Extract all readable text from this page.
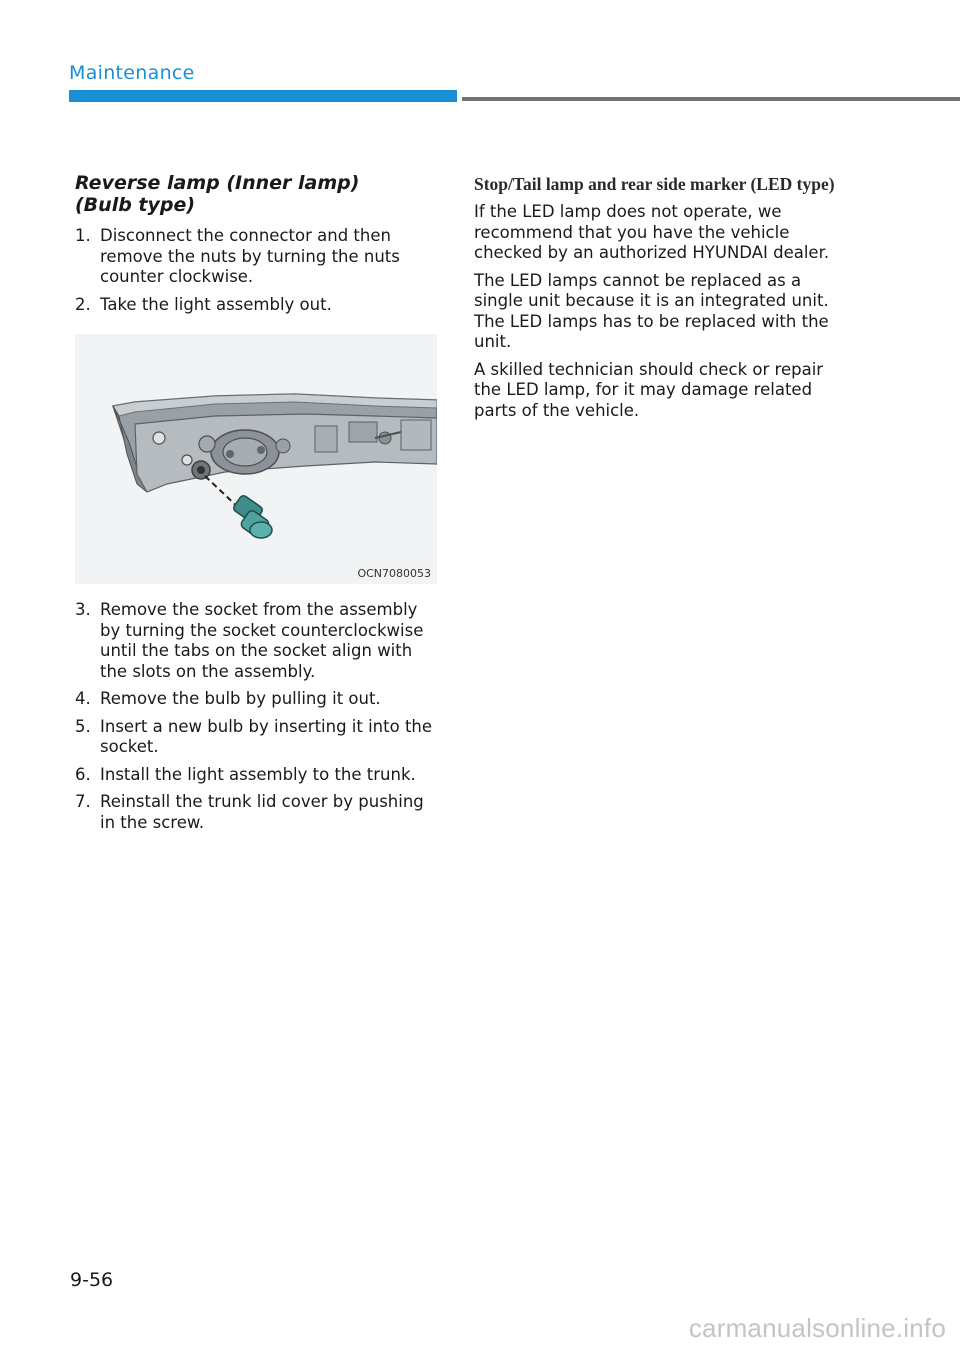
Maintenance
Reverse lamp (Inner lamp)
(Bulb type)
1. Disconnect the connector and then remove the nuts by turning the nuts counter clockwise.
2. Take the light assembly out.
OCN7080053
3. Remove the socket from the assembly by turning the socket counterclockwise until the tabs on the socket align with the slots on the assembly.
4. Remove the bulb by pulling it out.
5. Insert a new bulb by inserting it into the socket.
6. Install the light assembly to the trunk.
7. Reinstall the trunk lid cover by pushing in the screw.
Stop/Tail lamp and rear side marker (LED type)

If the LED lamp does not operate, we recommend that you have the vehicle checked by an authorized HYUNDAI dealer.

The LED lamps cannot be replaced as a single unit because it is an integrated unit. The LED lamps has to be replaced with the unit.

A skilled technician should check or repair the LED lamp, for it may damage related parts of the vehicle.

9-56
carmanualsonline.info
